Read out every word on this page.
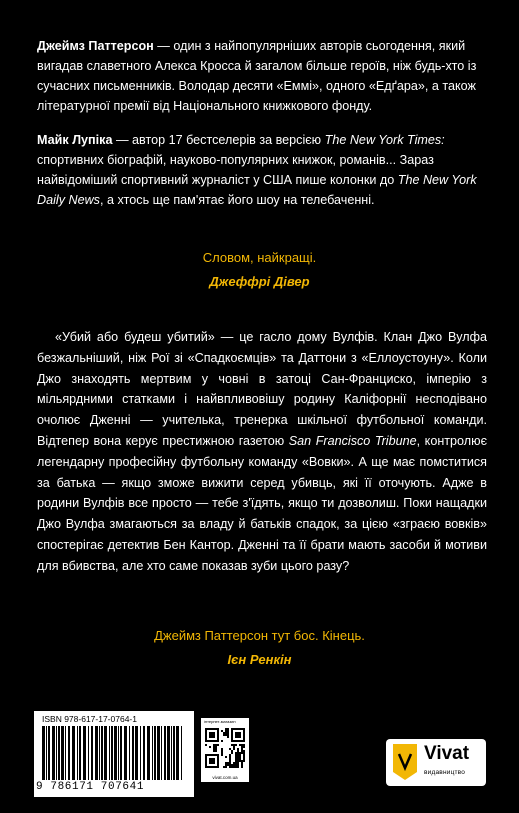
Джеймз Паттерсон — один з найпопулярніших авторів сьогодення, який вигадав славетного Алекса Кросса й загалом більше героїв, ніж будь-хто із сучасних письменників. Володар десяти «Еммі», одного «Едґара», а також літературної премії від Національного книжкового фонду.

Майк Лупіка — автор 17 бестселерів за версією The New York Times: спортивних біографій, науково-популярних книжок, романів... Зараз найвідоміший спортивний журналіст у США пише колонки до The New York Daily News, а хтось ще пам'ятає його шоу на телебаченні.

Словом, найкращі.
Джеффрі Дівер

«Убий або будеш убитий» — це гасло дому Вулфів. Клан Джо Вулфа безжальніший, ніж Рої зі «Спадкоємців» та Даттони з «Еллоустоуну». Коли Джо знаходять мертвим у човні в затоці Сан-Франциско, імперію з мільярдними статками і найвпливовішу родину Каліфорнії несподівано очолює Дженні — учителька, тренерка шкільної футбольної команди. Відтепер вона керує престижною газетою San Francisco Tribune, контролює легендарну професійну футбольну команду «Вовки». А ще має помститися за батька — якщо зможе вижити серед убивць, які її оточують. Адже в родини Вулфів все просто — тебе з'їдять, якщо ти дозволиш. Поки нащадки Джо Вулфа змагаються за владу й батьків спадок, за цією «зграєю вовків» спостерігає детектив Бен Кантор. Дженні та її брати мають засоби й мотиви для вбивства, але хто саме показав зуби цього разу?

Джеймз Паттерсон тут бос. Кінець.
Ієн Ренкін
ISBN 978-617-17-0764-1
9 786171 707641
інтернет-магазин
vivat.com.ua
Vivat
видавництво
